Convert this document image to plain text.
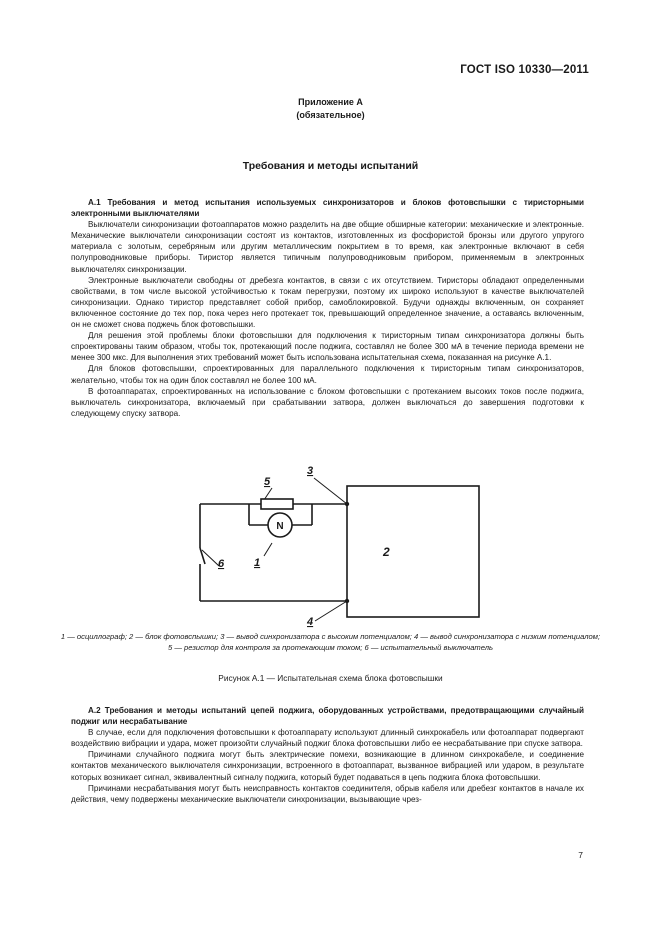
ГОСТ ISO 10330—2011
Приложение А
(обязательное)
Требования и методы испытаний

А.1 Требования и метод испытания используемых синхронизаторов и блоков фотовспышки с тиристорными электронными выключателями

Выключатели синхронизации фотоаппаратов можно разделить на две общие обширные категории: механические и электронные. Механические выключатели синхронизации состоят из контактов, изготовленных из фосфористой бронзы или другого упругого материала с золотым, серебряным или другим металлическим покрытием в то время, как электронные включают в себя полупроводниковые приборы. Тиристор является типичным полупроводниковым прибором, применяемым в электронных выключателях синхронизации.

Электронные выключатели свободны от дребезга контактов, в связи с их отсутствием. Тиристоры обладают определенными свойствами, в том числе высокой устойчивостью к токам перегрузки, поэтому их широко используют в качестве выключателей синхронизации. Однако тиристор представляет собой прибор, самоблокировкой. Будучи однажды включенным, он сохраняет включенное состояние до тех пор, пока через него протекает ток, превышающий определенное значение, а оставаясь включенным, он не сможет снова поджечь блок фотовспышки.

Для решения этой проблемы блоки фотовспышки для подключения к тиристорным типам синхронизатора должны быть спроектированы таким образом, чтобы ток, протекающий после поджига, составлял не более 300 мА в течение периода времени не менее 300 мкс. Для выполнения этих требований может быть использована испытательная схема, показанная на рисунке А.1.

Для блоков фотовспышки, спроектированных для параллельного подключения к тиристорным типам синхронизаторов, желательно, чтобы ток на один блок составлял не более 100 мА.

В фотоаппаратах, спроектированных на использование с блоком фотовспышки с протеканием высоких токов после поджига, выключатель синхронизатора, включаемый при срабатывании затвора, должен выключаться до завершения подготовки к следующему спуску затвора.

N
5
3
1
6
4
2
1 — осциллограф; 2 — блок фотовспышки; 3 — вывод синхронизатора с высоким потенциалом; 4 — вывод синхронизатора с низким потенциалом; 5 — резистор для контроля за протекающим током; 6 — испытательный выключатель
Рисунок А.1 — Испытательная схема блока фотовспышки

А.2 Требования и методы испытаний цепей поджига, оборудованных устройствами, предотвращающими случайный поджиг или несрабатывание

В случае, если для подключения фотовспышки к фотоаппарату используют длинный синхрокабель или фотоаппарат подвергают воздействию вибрации и удара, может произойти случайный поджиг блока фотовспышки либо ее несрабатывание при спуске затвора.

Причинами случайного поджига могут быть электрические помехи, возникающие в длинном синхрокабеле, и соединение контактов механического выключателя синхронизации, встроенного в фотоаппарат, вызванное вибрацией или ударом, в результате которых возникает сигнал, эквивалентный сигналу поджига, который будет подаваться в цепь поджига блока фотовспышки.

Причинами несрабатывания могут быть неисправность контактов соединителя, обрыв кабеля или дребезг контактов в начале их действия, чему подвержены механические выключатели синхронизации, вызывающие чрез-

7
